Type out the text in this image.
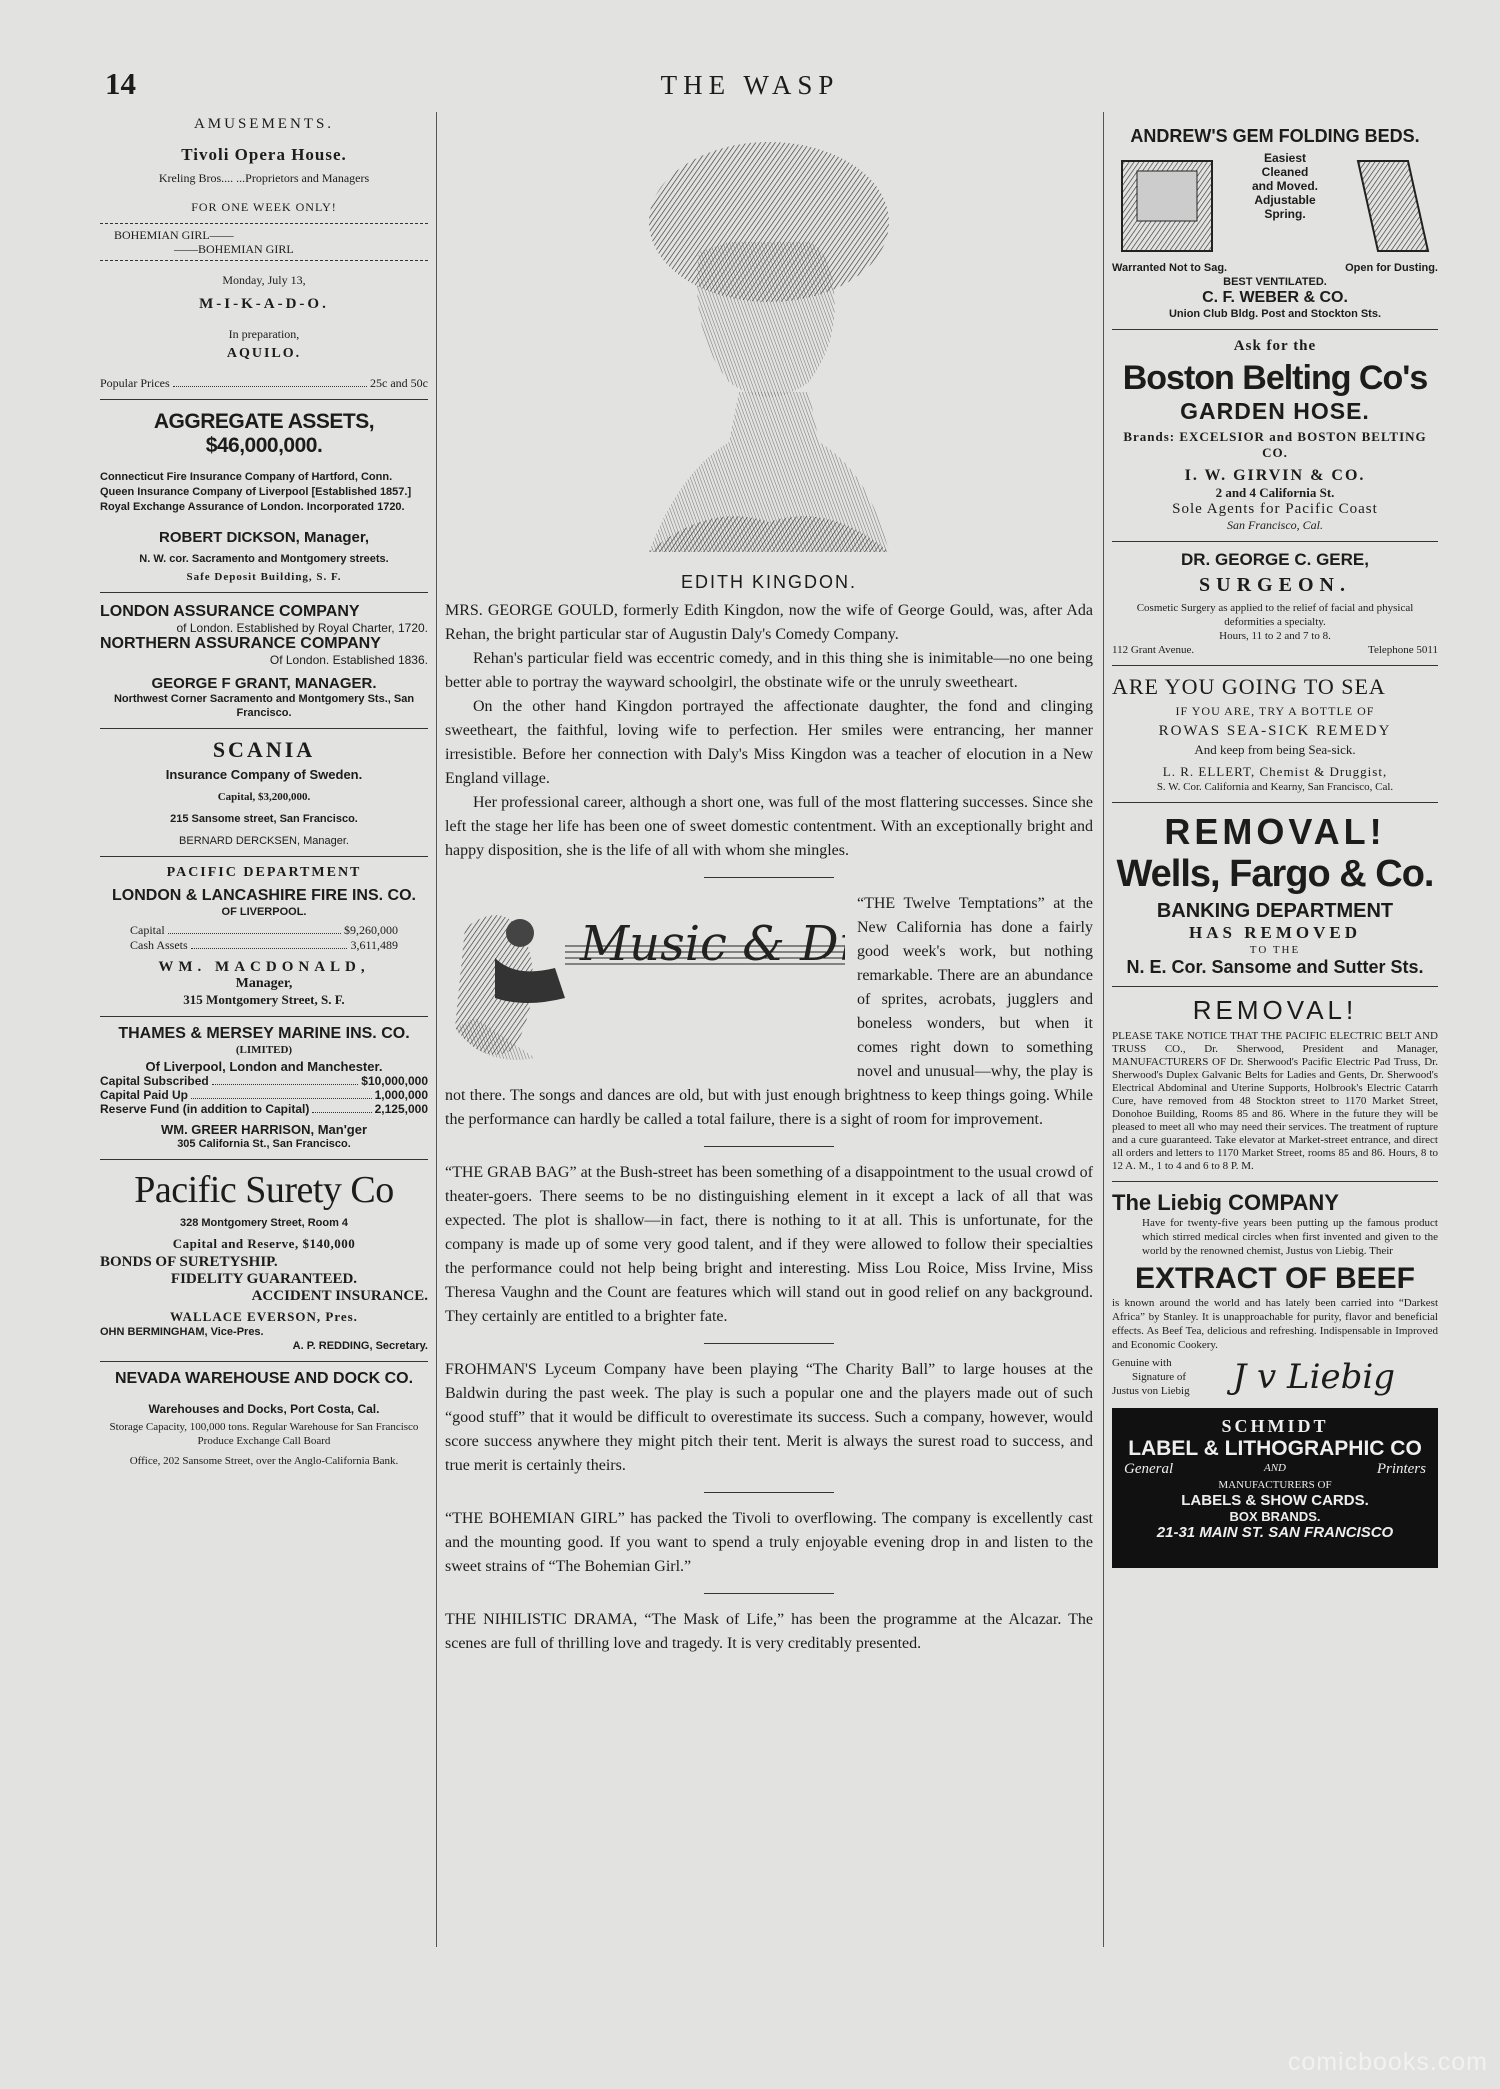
14	THE WASP
AMUSEMENTS.
Tivoli Opera House.
Kreling Bros.... ...Proprietors and Managers
FOR ONE WEEK ONLY!
BOHEMIAN GIRL——
——BOHEMIAN GIRL
Monday, July 13,
M-I-K-A-D-O.
In preparation,
AQUILO.
Popular Prices	25c and 50c
AGGREGATE ASSETS, $46,000,000.
Connecticut Fire Insurance Company of Hartford, Conn.
Queen Insurance Company of Liverpool [Established 1857.]
Royal Exchange Assurance of London. Incorporated 1720.
ROBERT DICKSON, Manager,
N. W. cor. Sacramento and Montgomery streets.
Safe Deposit Building, S. F.
LONDON ASSURANCE COMPANY
of London. Established by Royal Charter, 1720.
NORTHERN ASSURANCE COMPANY
Of London. Established 1836.
GEORGE F GRANT, MANAGER.
Northwest Corner Sacramento and Montgomery Sts., San Francisco.
SCANIA
Insurance Company of Sweden.
Capital, $3,200,000.
215 Sansome street, San Francisco.
BERNARD DERCKSEN, Manager.
PACIFIC DEPARTMENT
LONDON & LANCASHIRE FIRE INS. CO.
OF LIVERPOOL.
Capital	$9,260,000
Cash Assets	3,611,489
WM. MACDONALD,
Manager,
315 Montgomery Street, S. F.
THAMES & MERSEY MARINE INS. CO.
(LIMITED)
Of Liverpool, London and Manchester.
Capital Subscribed	$10,000,000
Capital Paid Up	1,000,000
Reserve Fund (in addition to Capital)	2,125,000
WM. GREER HARRISON, Man'ger
305 California St., San Francisco.
Pacific Surety Co
328 Montgomery Street, Room 4
Capital and Reserve, $140,000
BONDS OF SURETYSHIP.
FIDELITY GUARANTEED.
ACCIDENT INSURANCE.
WALLACE EVERSON, Pres.
OHN BERMINGHAM, Vice-Pres.
A. P. REDDING, Secretary.
NEVADA WAREHOUSE AND DOCK CO.
Warehouses and Docks, Port Costa, Cal.
Storage Capacity, 100,000 tons. Regular Warehouse for San Francisco Produce Exchange Call Board
Office, 202 Sansome Street, over the Anglo-California Bank.
EDITH KINGDON.

MRS. GEORGE GOULD, formerly Edith Kingdon, now the wife of George Gould, was, after Ada Rehan, the bright particular star of Augustin Daly's Comedy Company.

Rehan's particular field was eccentric comedy, and in this thing she is inimitable—no one being better able to portray the wayward schoolgirl, the obstinate wife or the unruly sweetheart.

On the other hand Kingdon portrayed the affectionate daughter, the fond and clinging sweetheart, the faithful, loving wife to perfection. Her smiles were entrancing, her manner irresistible. Before her connection with Daly's Miss Kingdon was a teacher of elocution in a New England village.

Her professional career, although a short one, was full of the most flattering successes. Since she left the stage her life has been one of sweet domestic contentment. With an exceptionally bright and happy disposition, she is the life of all with whom she mingles.

Music & D

“THE Twelve Temptations” at the New California has done a fairly good week's work, but nothing remarkable. There are an abundance of sprites, acrobats, jugglers and boneless wonders, but when it comes right down to something novel and unusual—why, the play is not there. The songs and dances are old, but with just enough brightness to keep things going. While the performance can hardly be called a total failure, there is a sight of room for improvement.

“THE GRAB BAG” at the Bush-street has been something of a disappointment to the usual crowd of theater-goers. There seems to be no distinguishing element in it except a lack of all that was expected. The plot is shallow—in fact, there is nothing to it at all. This is unfortunate, for the company is made up of some very good talent, and if they were allowed to follow their specialties the performance could not help being bright and interesting. Miss Lou Roice, Miss Irvine, Miss Theresa Vaughn and the Count are features which will stand out in good relief on any background. They certainly are entitled to a brighter fate.

FROHMAN'S Lyceum Company have been playing “The Charity Ball” to large houses at the Baldwin during the past week. The play is such a popular one and the players made out of such “good stuff” that it would be difficult to overestimate its success. Such a company, however, would score success anywhere they might pitch their tent. Merit is always the surest road to success, and true merit is certainly theirs.

“THE BOHEMIAN GIRL” has packed the Tivoli to overflowing. The company is excellently cast and the mounting good. If you want to spend a truly enjoyable evening drop in and listen to the sweet strains of “The Bohemian Girl.”

THE NIHILISTIC DRAMA, “The Mask of Life,” has been the programme at the Alcazar. The scenes are full of thrilling love and tragedy. It is very creditably presented.

ANDREW'S GEM FOLDING BEDS.
Easiest
Cleaned
and Moved.
Adjustable
Spring.
Warranted Not to Sag.	Open for Dusting.
BEST VENTILATED.
C. F. WEBER & CO.
Union Club Bldg. Post and Stockton Sts.
Ask for the
Boston Belting Co's
GARDEN HOSE.
Brands: EXCELSIOR and BOSTON BELTING CO.
I. W. GIRVIN & CO.
2 and 4 California St.
Sole Agents for Pacific Coast
San Francisco, Cal.
DR. GEORGE C. GERE,
SURGEON.
Cosmetic Surgery as applied to the relief of facial and physical deformities a specialty.
Hours, 11 to 2 and 7 to 8.
112 Grant Avenue.	Telephone 5011
ARE YOU GOING TO SEA
IF YOU ARE, TRY A BOTTLE OF
ROWAS SEA-SICK REMEDY
And keep from being Sea-sick.
L. R. ELLERT, Chemist & Druggist,
S. W. Cor. California and Kearny, San Francisco, Cal.
REMOVAL!
Wells, Fargo & Co.
BANKING DEPARTMENT
HAS REMOVED
TO THE
N. E. Cor. Sansome and Sutter Sts.
REMOVAL!
PLEASE TAKE NOTICE THAT THE PACIFIC ELECTRIC BELT AND TRUSS CO., Dr. Sherwood, President and Manager, MANUFACTURERS OF Dr. Sherwood's Pacific Electric Pad Truss, Dr. Sherwood's Duplex Galvanic Belts for Ladies and Gents, Dr. Sherwood's Electrical Abdominal and Uterine Supports, Holbrook's Electric Catarrh Cure, have removed from 48 Stockton street to 1170 Market Street, Donohoe Building, Rooms 85 and 86. Where in the future they will be pleased to meet all who may need their services. The treatment of rupture and a cure guaranteed. Take elevator at Market-street entrance, and direct all orders and letters to 1170 Market Street, rooms 85 and 86. Hours, 8 to 12 A. M., 1 to 4 and 6 to 8 P. M.
The Liebig COMPANY
Have for twenty-five years been putting up the famous product which stirred medical circles when first invented and given to the world by the renowned chemist, Justus von Liebig. Their
EXTRACT OF BEEF
is known around the world and has lately been carried into “Darkest Africa” by Stanley. It is unapproachable for purity, flavor and beneficial effects. As Beef Tea, delicious and refreshing. Indispensable in Improved and Economic Cookery.
Genuine with
Signature of
Justus von Liebig	J v Liebig
SCHMIDT
LABEL & LITHOGRAPHIC CO
General	AND	Printers
MANUFACTURERS OF
LABELS & SHOW CARDS.
BOX BRANDS.
21-31 MAIN ST. SAN FRANCISCO
comicbooks.com
